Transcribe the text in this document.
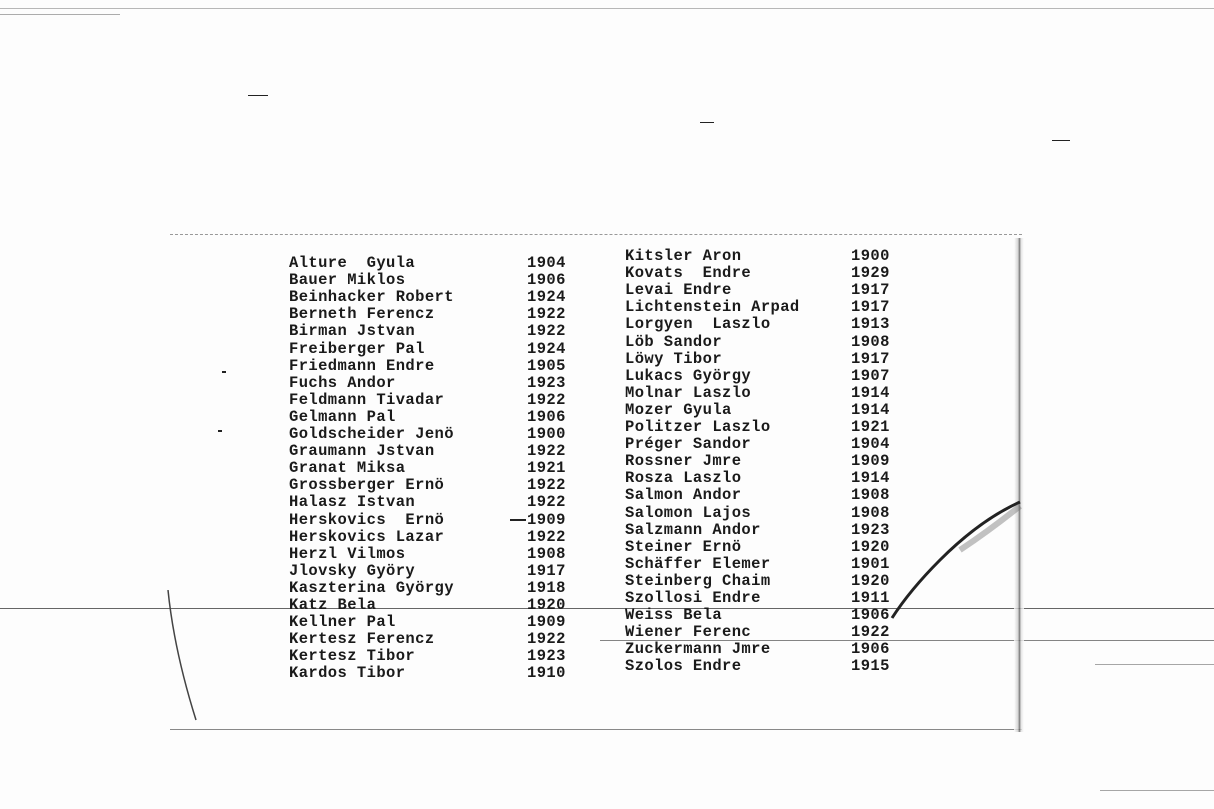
Alture  Gyula	1904
Bauer Miklos	1906
Beinhacker Robert	1924
Berneth Ferencz	1922
Birman Jstvan	1922
Freiberger Pal	1924
Friedmann Endre	1905
Fuchs Andor	1923
Feldmann Tivadar	1922
Gelmann Pal	1906
Goldscheider Jenö	1900
Graumann Jstvan	1922
Granat Miksa	1921
Grossberger Ernö	1922
Halasz Istvan	1922
Herskovics  Ernö	1909
Herskovics Lazar	1922
Herzl Vilmos	1908
Jlovsky Györy	1917
Kaszterina György	1918
Katz Bela	1920
Kellner Pal	1909
Kertesz Ferencz	1922
Kertesz Tibor	1923
Kardos Tibor	1910
Kitsler Aron	1900
Kovats  Endre	1929
Levai Endre	1917
Lichtenstein Arpad	1917
Lorgyen  Laszlo	1913
Löb Sandor	1908
Löwy Tibor	1917
Lukacs György	1907
Molnar Laszlo	1914
Mozer Gyula	1914
Politzer Laszlo	1921
Préger Sandor	1904
Rossner Jmre	1909
Rosza Laszlo	1914
Salmon Andor	1908
Salomon Lajos	1908
Salzmann Andor	1923
Steiner Ernö	1920
Schäffer Elemer	1901
Steinberg Chaim	1920
Szollosi Endre	1911
Weiss Bela	1906
Wiener Ferenc	1922
Zuckermann Jmre	1906
Szolos Endre	1915
